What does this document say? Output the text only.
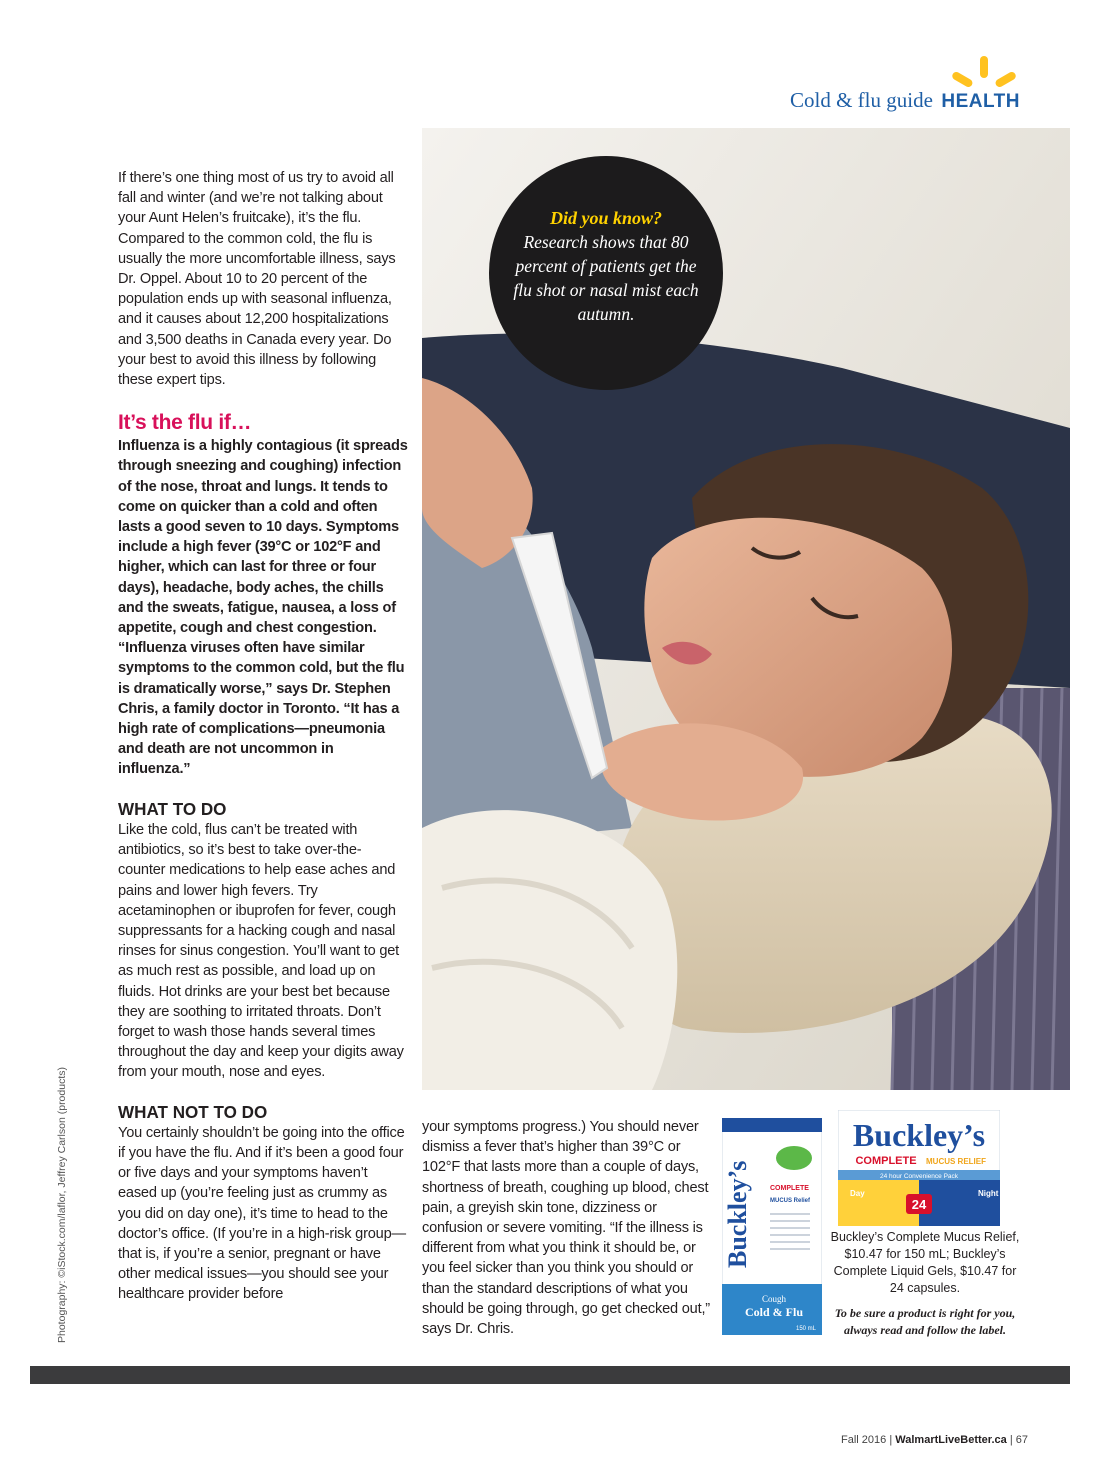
Cold & flu guide HEALTH

If there’s one thing most of us try to avoid all fall and winter (and we’re not talking about your Aunt Helen’s fruitcake), it’s the flu. Compared to the common cold, the flu is usually the more uncomfortable illness, says Dr. Oppel. About 10 to 20 percent of the population ends up with seasonal influenza, and it causes about 12,200 hospitalizations and 3,500 deaths in Canada every year. Do your best to avoid this illness by following these expert tips.

It’s the flu if…

Influenza is a highly contagious (it spreads through sneezing and coughing) infection of the nose, throat and lungs. It tends to come on quicker than a cold and often lasts a good seven to 10 days. Symptoms include a high fever (39°C or 102°F and higher, which can last for three or four days), headache, body aches, the chills and the sweats, fatigue, nausea, a loss of appetite, cough and chest congestion. “Influenza viruses often have similar symptoms to the common cold, but the flu is dramatically worse,” says Dr. Stephen Chris, a family doctor in Toronto. “It has a high rate of complications—pneumonia and death are not uncommon in influenza.”

WHAT TO DO

Like the cold, flus can’t be treated with antibiotics, so it’s best to take over-the-counter medications to help ease aches and pains and lower high fevers. Try acetaminophen or ibuprofen for fever, cough suppressants for a hacking cough and nasal rinses for sinus congestion. You’ll want to get as much rest as possible, and load up on fluids. Hot drinks are your best bet because they are soothing to irritated throats. Don’t forget to wash those hands several times throughout the day and keep your digits away from your mouth, nose and eyes.

WHAT NOT TO DO

You certainly shouldn’t be going into the office if you have the flu. And if it’s been a good four or five days and your symptoms haven’t eased up (you’re feeling just as crummy as you did on day one), it’s time to head to the doctor’s office. (If you’re in a high-risk group—that is, if you’re a senior, pregnant or have other medical issues—you should see your healthcare provider before

Did you know?
Research shows that 80 percent of patients get the flu shot or nasal mist each autumn.

your symptoms progress.) You should never dismiss a fever that’s higher than 39°C or 102°F that lasts more than a couple of days, shortness of breath, coughing up blood, chest pain, a greyish skin tone, dizziness or confusion or severe vomiting. “If the illness is different from what you think it should be, or you feel sicker than you think you should or than the standard descriptions of what you should be going through, go get checked out,” says Dr. Chris.

Buckley’s	COMPLETE
MUCUS Relief
Cough
Cold & Flu
150 mL
Buckley’s
COMPLETE MUCUS RELIEF
24 hour Convenience Pack
Day	Night
24
Buckley’s Complete Mucus Relief, $10.47 for 150 mL; Buckley’s Complete Liquid Gels, $10.47 for 24 capsules.
To be sure a product is right for you, always read and follow the label.
Photography: ©iStock.com/laflor, Jeffrey Carlson (products)
Fall 2016 | WalmartLiveBetter.ca | 67
